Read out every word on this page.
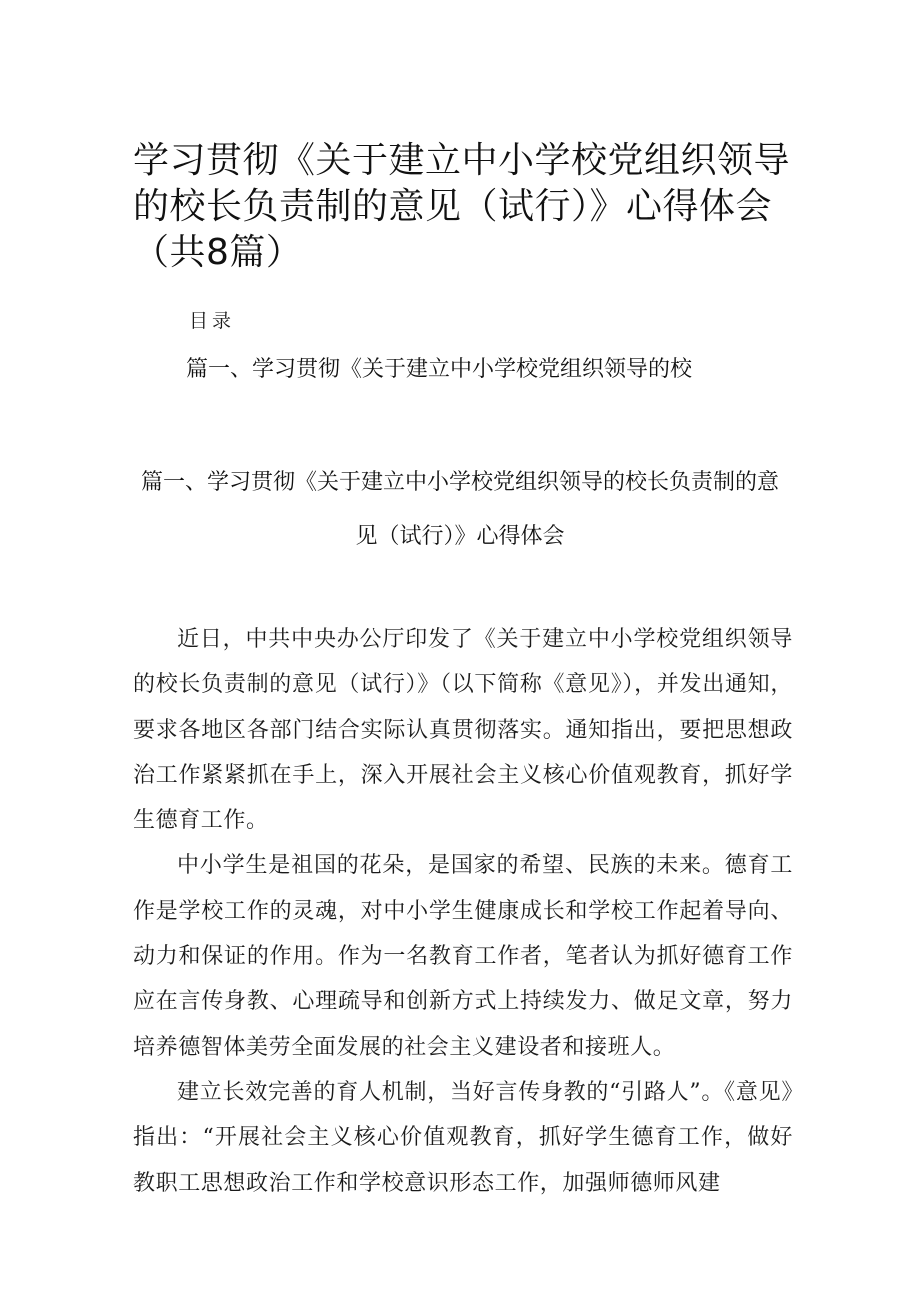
学习贯彻《关于建立中小学校党组织领导的校长负责制的意见（试行）》心得体会（共8篇）
目录
篇一、学习贯彻《关于建立中小学校党组织领导的校
篇一、学习贯彻《关于建立中小学校党组织领导的校长负责制的意见（试行）》心得体会

近日，中共中央办公厅印发了《关于建立中小学校党组织领导的校长负责制的意见（试行）》（以下简称《意见》），并发出通知，要求各地区各部门结合实际认真贯彻落实。通知指出，要把思想政治工作紧紧抓在手上，深入开展社会主义核心价值观教育，抓好学生德育工作。

中小学生是祖国的花朵，是国家的希望、民族的未来。德育工作是学校工作的灵魂，对中小学生健康成长和学校工作起着导向、动力和保证的作用。作为一名教育工作者，笔者认为抓好德育工作应在言传身教、心理疏导和创新方式上持续发力、做足文章，努力培养德智体美劳全面发展的社会主义建设者和接班人。

建立长效完善的育人机制，当好言传身教的“引路人”。《意见》指出：“开展社会主义核心价值观教育，抓好学生德育工作，做好教职工思想政治工作和学校意识形态工作，加强师德师风建
